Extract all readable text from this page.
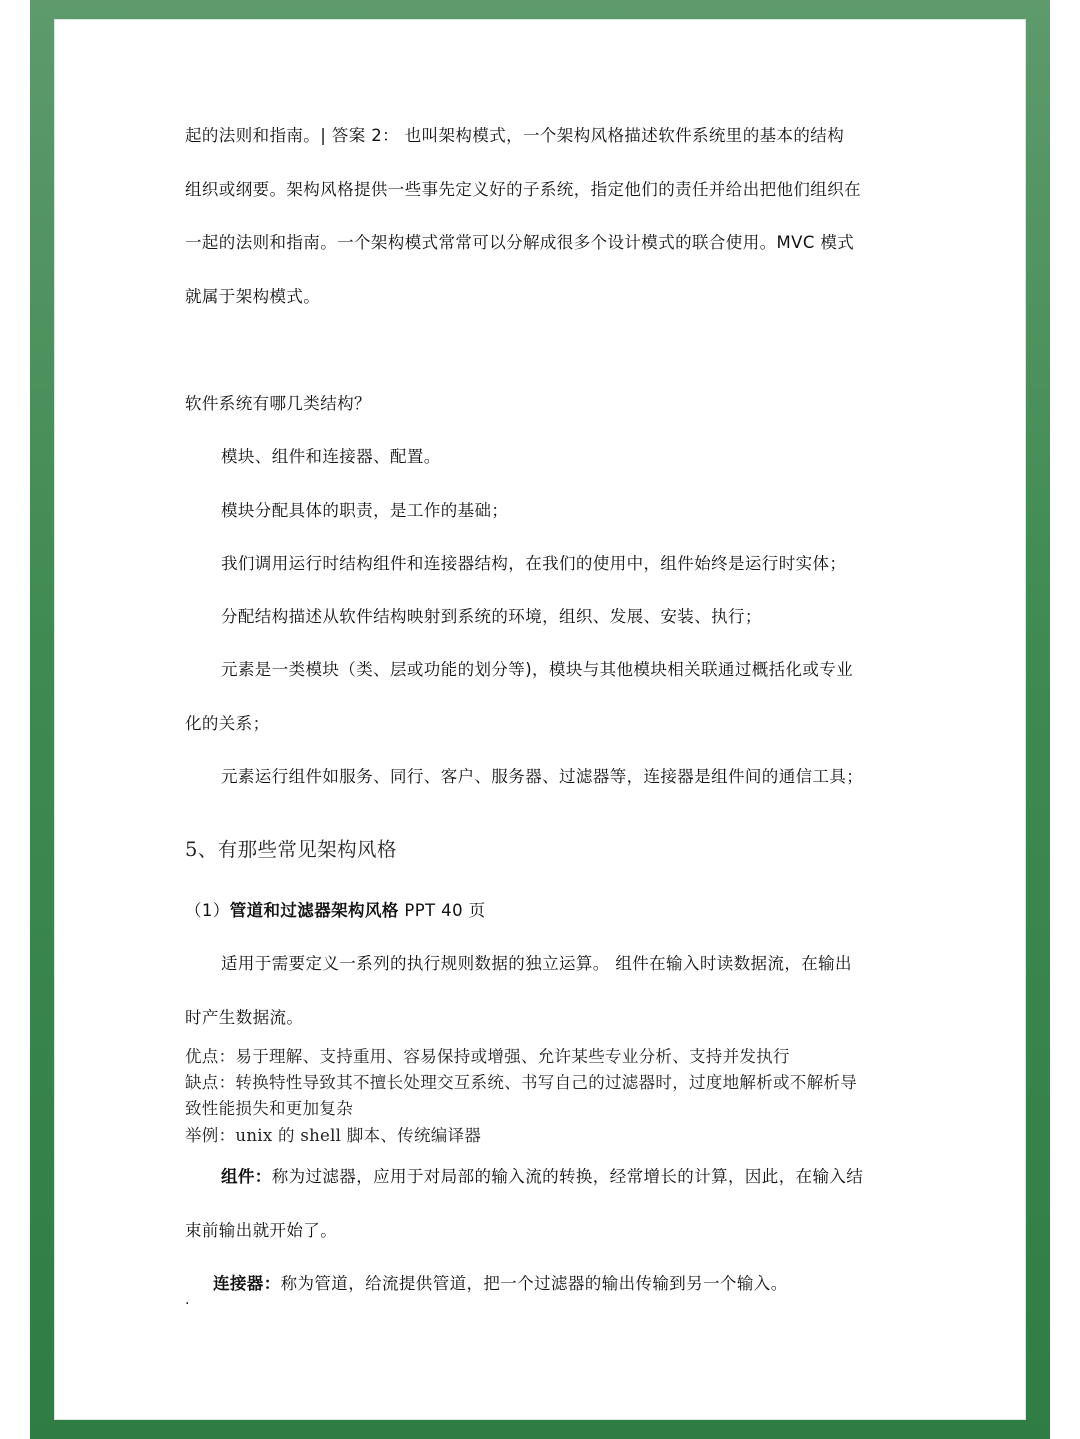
起的法则和指南。| 答案 2： 也叫架构模式，一个架构风格描述软件系统里的基本的结构
组织或纲要。架构风格提供一些事先定义好的子系统，指定他们的责任并给出把他们组织在
一起的法则和指南。一个架构模式常常可以分解成很多个设计模式的联合使用。MVC 模式
就属于架构模式。
软件系统有哪几类结构？
模块、组件和连接器、配置。
模块分配具体的职责，是工作的基础；
我们调用运行时结构组件和连接器结构，在我们的使用中，组件始终是运行时实体；
分配结构描述从软件结构映射到系统的环境，组织、发展、安装、执行；
元素是一类模块（类、层或功能的划分等)，模块与其他模块相关联通过概括化或专业
化的关系；
元素运行组件如服务、同行、客户、服务器、过滤器等，连接器是组件间的通信工具；
5、有那些常见架构风格
（1）管道和过滤器架构风格 PPT 40 页
适用于需要定义一系列的执行规则数据的独立运算。 组件在输入时读数据流，在输出
时产生数据流。
优点：易于理解、支持重用、容易保持或增强、允许某些专业分析、支持并发执行
缺点：转换特性导致其不擅长处理交互系统、书写自己的过滤器时，过度地解析或不解析导
致性能损失和更加复杂
举例：unix 的 shell 脚本、传统编译器
组件：称为过滤器，应用于对局部的输入流的转换，经常增长的计算，因此，在输入结
束前输出就开始了。
.
连接器：称为管道，给流提供管道，把一个过滤器的输出传输到另一个输入。
